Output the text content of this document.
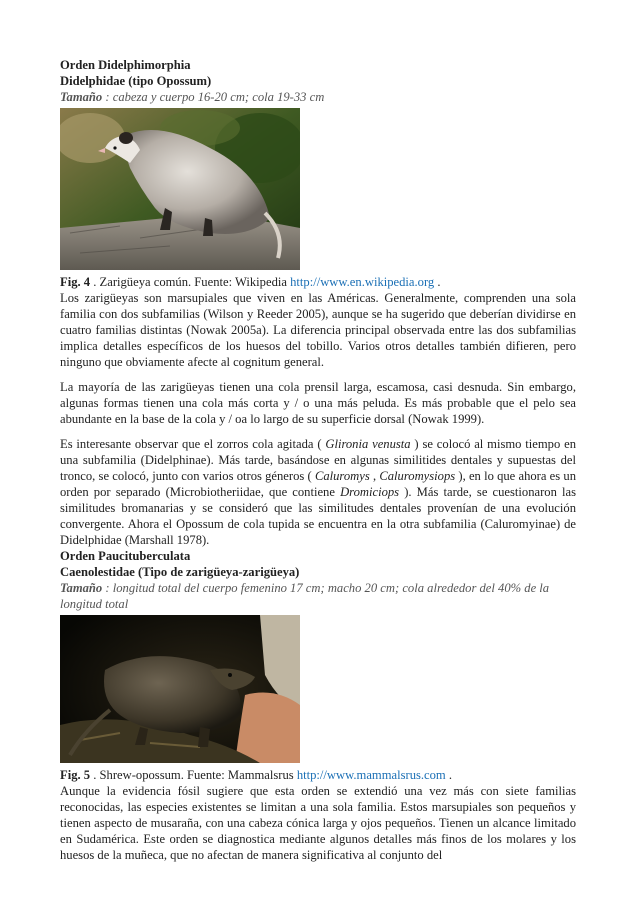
Orden Didelphimorphia

Didelphidae (tipo Opossum)

Tamaño : cabeza y cuerpo 16-20 cm; cola 19-33 cm

Fig. 4 . Zarigüeya común. Fuente: Wikipedia http://www.en.wikipedia.org .

Los zarigüeyas son marsupiales que viven en las Américas. Generalmente, comprenden una sola familia con dos subfamilias (Wilson y Reeder 2005), aunque se ha sugerido que deberían dividirse en cuatro familias distintas (Nowak 2005a). La diferencia principal observada entre las dos subfamilias implica detalles específicos de los huesos del tobillo. Varios otros detalles también difieren, pero ninguno que obviamente afecte al cognitum general.

La mayoría de las zarigüeyas tienen una cola prensil larga, escamosa, casi desnuda. Sin embargo, algunas formas tienen una cola más corta y / o una más peluda. Es más probable que el pelo sea abundante en la base de la cola y / oa lo largo de su superficie dorsal (Nowak 1999).

Es interesante observar que el zorros cola agitada ( Glironia venusta ) se colocó al mismo tiempo en una subfamilia (Didelphinae). Más tarde, basándose en algunas similitides dentales y supuestas del tronco, se colocó, junto con varios otros géneros ( Caluromys , Caluromysiops ), en lo que ahora es un orden por separado (Microbiotheriidae, que contiene Dromiciops ). Más tarde, se cuestionaron las similitudes bromanarias y se consideró que las similitudes dentales provenían de una evolución convergente. Ahora el Opossum de cola tupida se encuentra en la otra subfamilia (Caluromyinae) de Didelphidae (Marshall 1978).

Orden Paucituberculata

Caenolestidae (Tipo de zarigüeya-zarigüeya)

Tamaño : longitud total del cuerpo femenino 17 cm; macho 20 cm; cola alrededor del 40% de la longitud total

Fig. 5 . Shrew-opossum. Fuente: Mammalsrus http://www.mammalsrus.com .

Aunque la evidencia fósil sugiere que esta orden se extendió una vez más con siete familias reconocidas, las especies existentes se limitan a una sola familia. Estos marsupiales son pequeños y tienen aspecto de musaraña, con una cabeza cónica larga y ojos pequeños. Tienen un alcance limitado en Sudamérica. Este orden se diagnostica mediante algunos detalles más finos de los molares y los huesos de la muñeca, que no afectan de manera significativa al conjunto del
